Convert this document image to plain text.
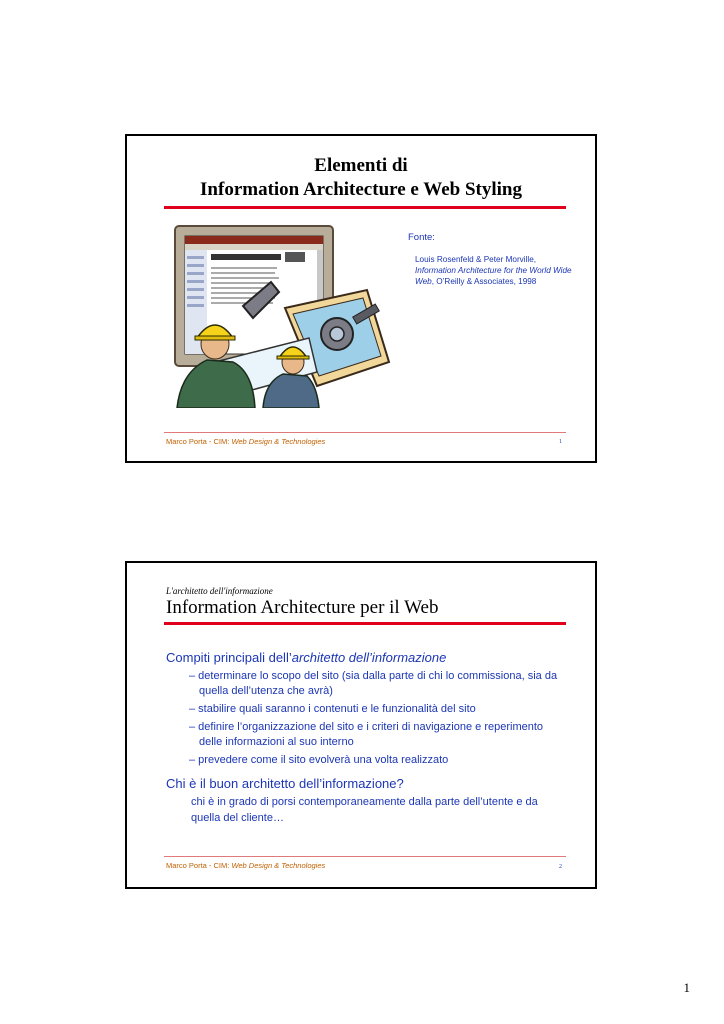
Elementi di
Information Architecture e Web Styling
Fonte:
Louis Rosenfeld & Peter Morville,
Information Architecture for the World Wide Web, O’Reilly & Associates, 1998
Marco Porta - CIM: Web Design & Technologies	1
L'architetto dell'informazione
Information Architecture per il Web
Compiti principali dell’architetto dell’informazione
– determinare lo scopo del sito (sia dalla parte di chi lo commissiona, sia da quella dell’utenza che avrà)
– stabilire quali saranno i contenuti e le funzionalità del sito
– definire l’organizzazione del sito e i criteri di navigazione e reperimento delle informazioni al suo interno
– prevedere come il sito evolverà una volta realizzato
Chi è il buon architetto dell’informazione?
chi è in grado di porsi contemporaneamente dalla parte dell’utente e da quella del cliente…
Marco Porta - CIM: Web Design & Technologies	2
1
